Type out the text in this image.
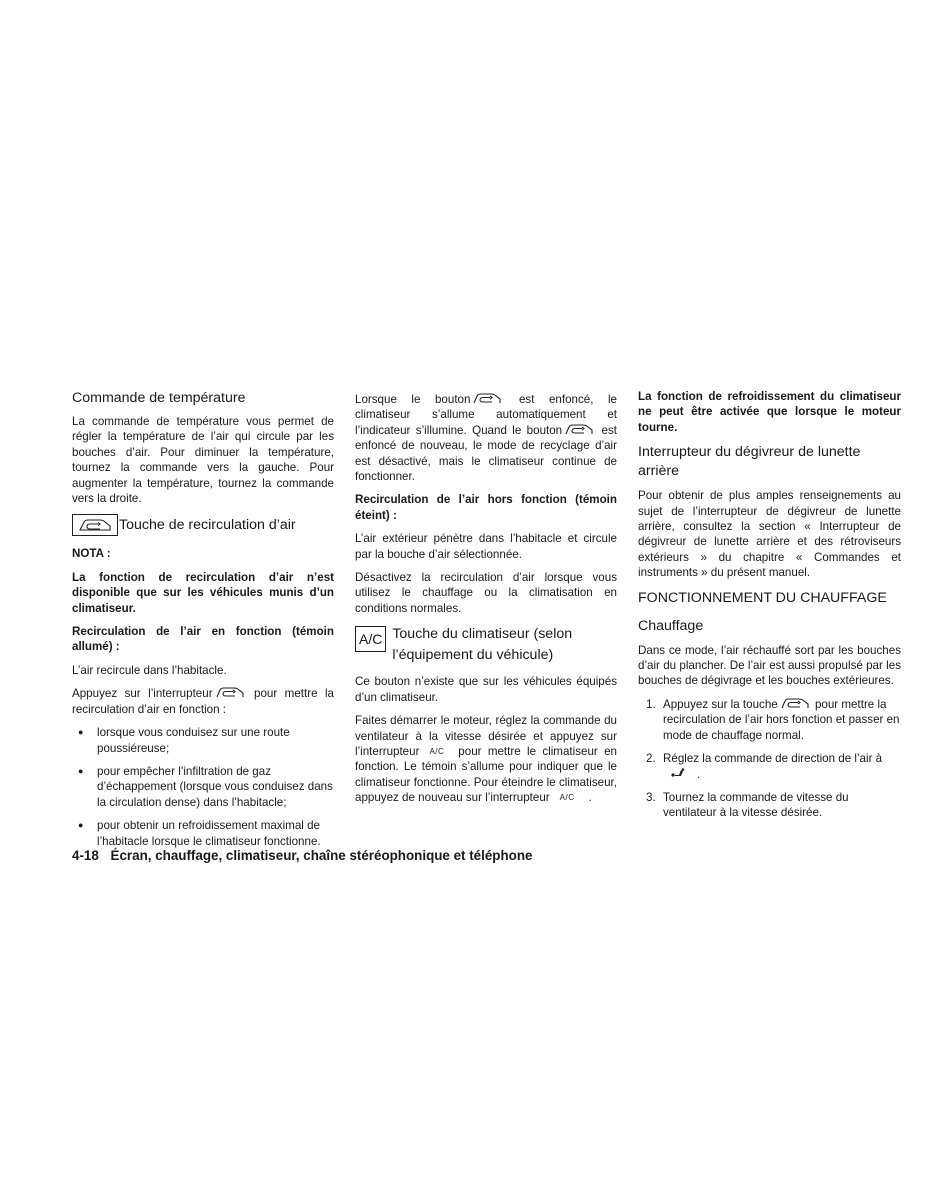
Commande de température

La commande de température vous permet de régler la température de l’air qui circule par les bouches d’air. Pour diminuer la température, tournez la commande vers la gauche. Pour augmenter la température, tournez la commande vers la droite.

Touche de recirculation d’air

NOTA :

La fonction de recirculation d’air n’est disponible que sur les véhicules munis d’un climatiseur.

Recirculation de l’air en fonction (témoin allumé) :

L’air recircule dans l’habitacle.

Appuyez sur l’interrupteur	pour mettre la recirculation d’air en fonction :

● lorsque vous conduisez sur une route poussiéreuse;
● pour empêcher l’infiltration de gaz d’échappement (lorsque vous conduisez dans la circulation dense) dans l’habitacle;
● pour obtenir un refroidissement maximal de l’habitacle lorsque le climatiseur fonctionne.

Lorsque le bouton	est enfoncé, le climatiseur s’allume automatiquement et l’indicateur s’illumine. Quand le bouton	est enfoncé de nouveau, le mode de recyclage d’air est désactivé, mais le climatiseur continue de fonctionner.

Recirculation de l’air hors fonction (témoin éteint) :

L’air extérieur pénètre dans l’habitacle et circule par la bouche d’air sélectionnée.

Désactivez la recirculation d’air lorsque vous utilisez le chauffage ou la climatisation en conditions normales.

A/C Touche du climatiseur (selon l’équipement du véhicule)

Ce bouton n’existe que sur les véhicules équipés d’un climatiseur.

Faites démarrer le moteur, réglez la commande du ventilateur à la vitesse désirée et appuyez sur l’interrupteur A/C pour mettre le climatiseur en fonction. Le témoin s’allume pour indiquer que le climatiseur fonctionne. Pour éteindre le climatiseur, appuyez de nouveau sur l’interrupteur A/C .

La fonction de refroidissement du climatiseur ne peut être activée que lorsque le moteur tourne.

Interrupteur du dégivreur de lunette arrière

Pour obtenir de plus amples renseignements au sujet de l’interrupteur de dégivreur de lunette arrière, consultez la section « Interrupteur de dégivreur de lunette arrière et des rétroviseurs extérieurs » du chapitre « Commandes et instruments » du présent manuel.

FONCTIONNEMENT DU CHAUFFAGE
Chauffage

Dans ce mode, l’air réchauffé sort par les bouches d’air du plancher. De l’air est aussi propulsé par les bouches de dégivrage et les bouches extérieures.

1. Appuyez sur la touche	pour mettre la recirculation de l’air hors fonction et passer en mode de chauffage normal.
2. Réglez la commande de direction de l’air à.
3. Tournez la commande de vitesse du ventilateur à la vitesse désirée.
4-18 Écran, chauffage, climatiseur, chaîne stéréophonique et téléphone
